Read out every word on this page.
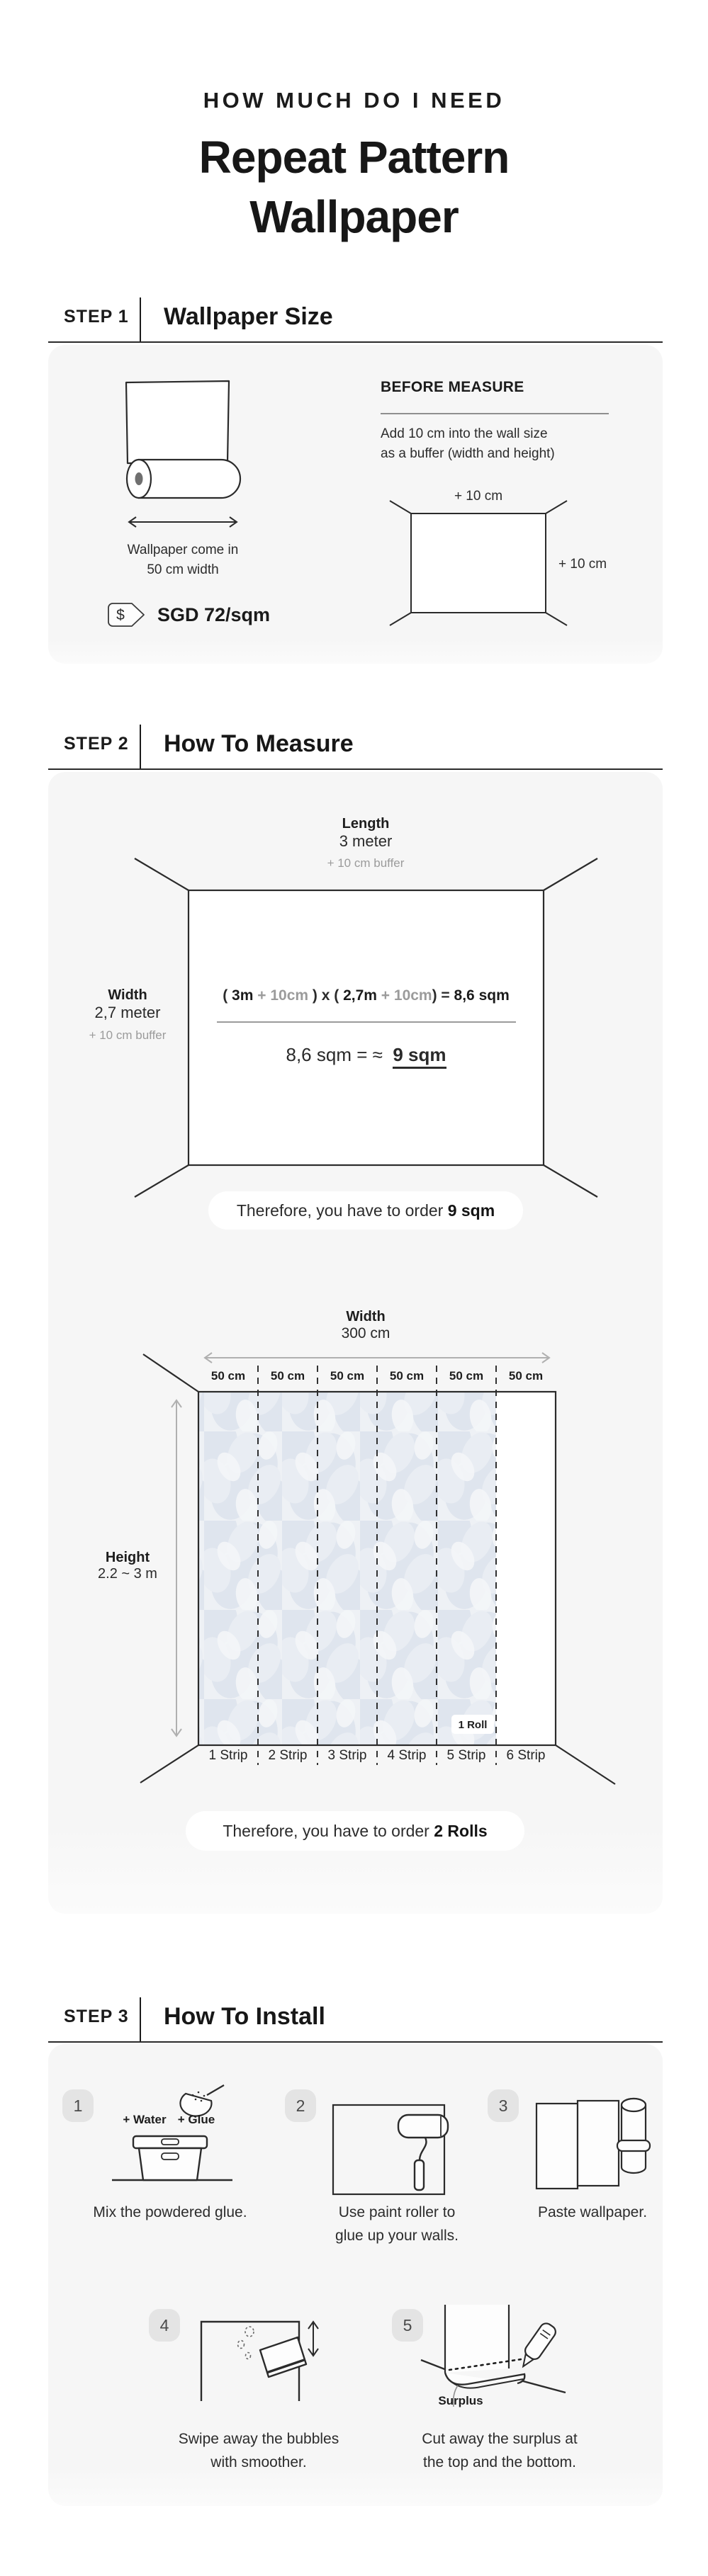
HOW MUCH DO I NEED
Repeat Pattern
Wallpaper
STEP 1	Wallpaper Size
Wallpaper come in
50 cm width
$ SGD 72/sqm
BEFORE MEASURE
Add 10 cm into the wall size
as a buffer (width and height)
+ 10 cm
+ 10 cm
STEP 2	How To Measure
Length
3 meter
+ 10 cm buffer
Width
2,7 meter
+ 10 cm buffer
( 3m + 10cm ) x ( 2,7m + 10cm) = 8,6 sqm
8,6 sqm = ≈  9 sqm
Therefore, you have to order 9 sqm
Width
300 cm
50 cm	50 cm	50 cm	50 cm	50 cm	50 cm
1 Roll
Height
2.2 ~ 3 m
1 Strip	2 Strip	3 Strip	4 Strip	5 Strip	6 Strip
Therefore, you have to order 2 Rolls
STEP 3	How To Install
1	2	3
4	5
+ Water + Glue
Surplus
Mix the powdered glue.	Use paint roller to
glue up your walls.
Paste wallpaper.
Swipe away the bubbles
with smoother.
Cut away the surplus at
the top and the bottom.
